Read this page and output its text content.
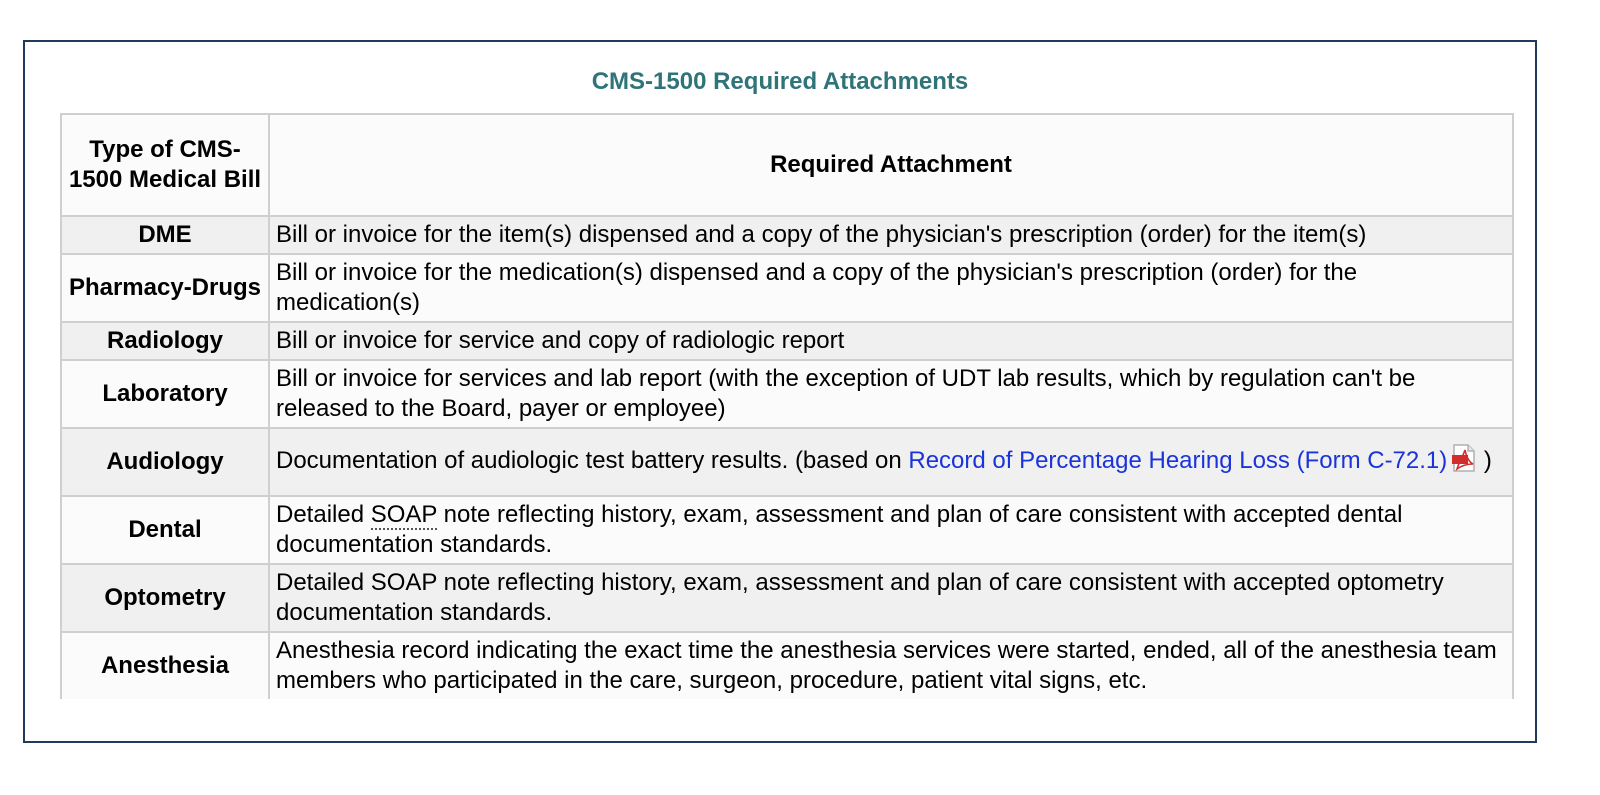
CMS-1500 Required Attachments
Type of CMS-1500 Medical Bill	Required Attachment
DME	Bill or invoice for the item(s) dispensed and a copy of the physician's prescription (order) for the item(s)
Pharmacy-Drugs	Bill or invoice for the medication(s) dispensed and a copy of the physician's prescription (order) for the medication(s)
Radiology	Bill or invoice for service and copy of radiologic report
Laboratory	Bill or invoice for services and lab report (with the exception of UDT lab results, which by regulation can't be released to the Board, payer or employee)
Audiology	Documentation of audiologic test battery results. (based on Record of Percentage Hearing Loss (Form C-72.1) )
Dental	Detailed SOAP note reflecting history, exam, assessment and plan of care consistent with accepted dental documentation standards.
Optometry	Detailed SOAP note reflecting history, exam, assessment and plan of care consistent with accepted optometry documentation standards.
Anesthesia	Anesthesia record indicating the exact time the anesthesia services were started, ended, all of the anesthesia team members who participated in the care, surgeon, procedure, patient vital signs, etc.
